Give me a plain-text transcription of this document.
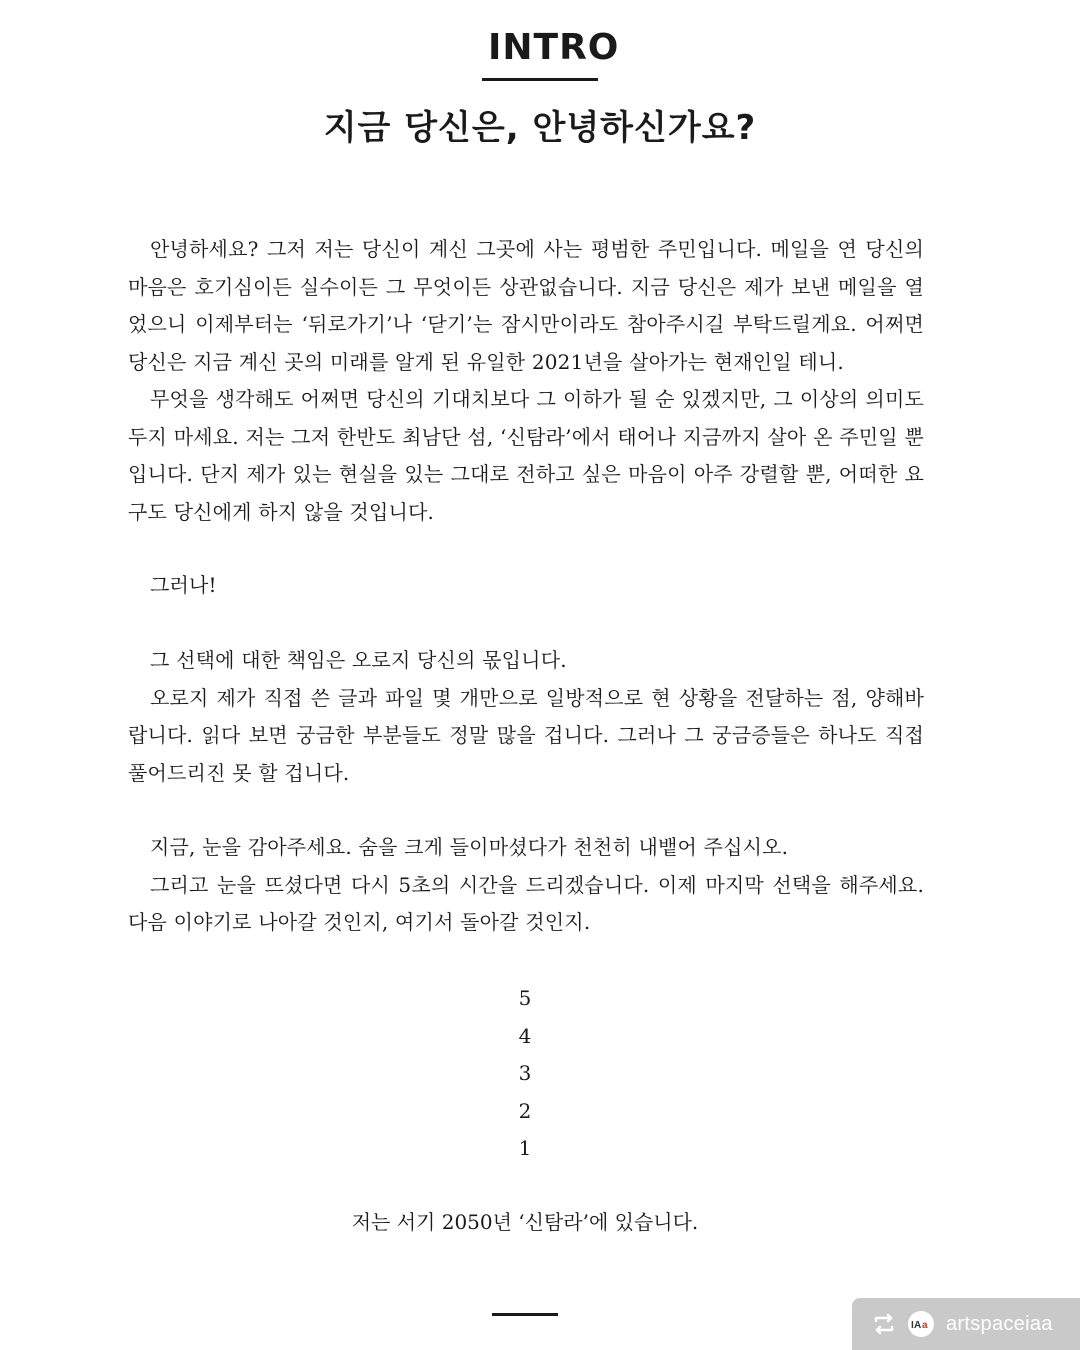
INTRO
지금 당신은, 안녕하신가요?

안녕하세요? 그저 저는 당신이 계신 그곳에 사는 평범한 주민입니다. 메일을 연 당신의 마음은 호기심이든 실수이든 그 무엇이든 상관없습니다. 지금 당신은 제가 보낸 메일을 열었으니 이제부터는 ‘뒤로가기’나 ‘닫기’는 잠시만이라도 참아주시길 부탁드릴게요. 어쩌면 당신은 지금 계신 곳의 미래를 알게 된 유일한 2021년을 살아가는 현재인일 테니.

무엇을 생각해도 어쩌면 당신의 기대치보다 그 이하가 될 순 있겠지만, 그 이상의 의미도 두지 마세요. 저는 그저 한반도 최남단 섬, ‘신탐라’에서 태어나 지금까지 살아 온 주민일 뿐입니다. 단지 제가 있는 현실을 있는 그대로 전하고 싶은 마음이 아주 강렬할 뿐, 어떠한 요구도 당신에게 하지 않을 것입니다.

그러나!

그 선택에 대한 책임은 오로지 당신의 몫입니다.

오로지 제가 직접 쓴 글과 파일 몇 개만으로 일방적으로 현 상황을 전달하는 점, 양해바랍니다. 읽다 보면 궁금한 부분들도 정말 많을 겁니다. 그러나 그 궁금증들은 하나도 직접 풀어드리진 못 할 겁니다.

지금, 눈을 감아주세요. 숨을 크게 들이마셨다가 천천히 내뱉어 주십시오.

그리고 눈을 뜨셨다면 다시 5초의 시간을 드리겠습니다. 이제 마지막 선택을 해주세요. 다음 이야기로 나아갈 것인지, 여기서 돌아갈 것인지.

5
4
3
2
1
저는 서기 2050년 ‘신탐라’에 있습니다.
I A a artspaceiaa
